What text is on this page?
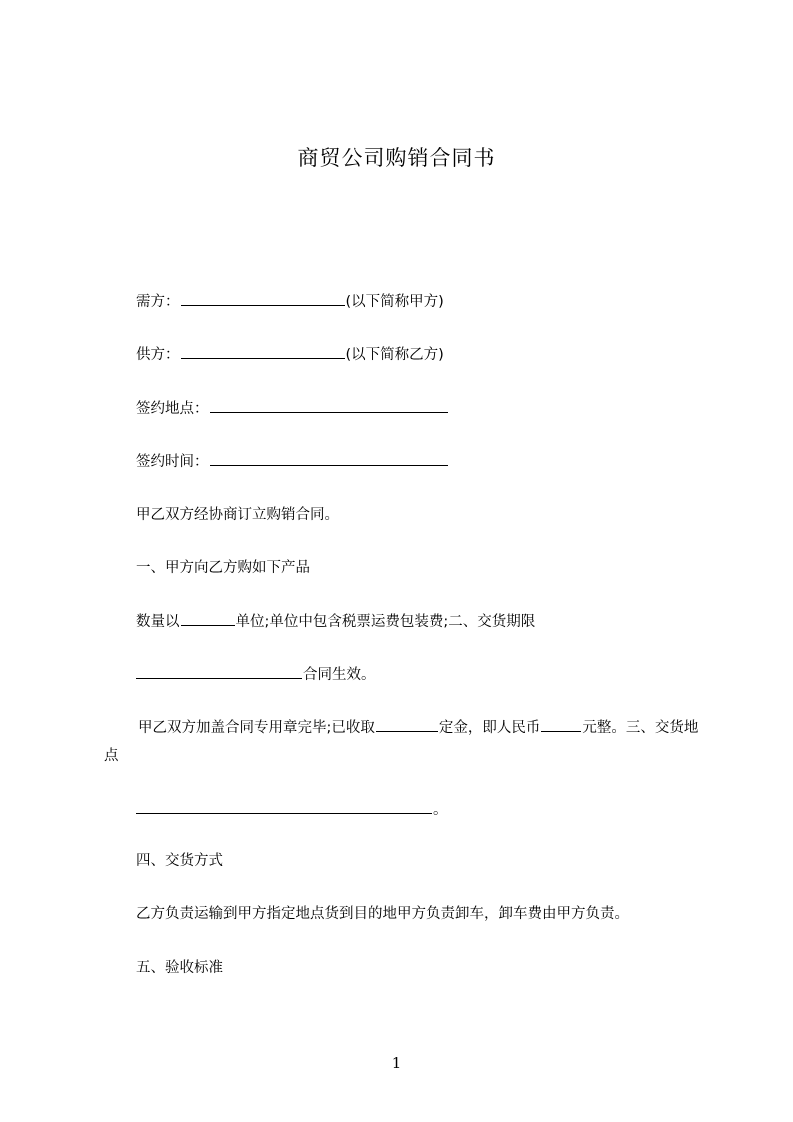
商贸公司购销合同书
需方：	(以下简称甲方)
供方：	(以下简称乙方)
签约地点：
签约时间：
甲乙双方经协商订立购销合同。
一、甲方向乙方购如下产品
数量以	单位;单位中包含税票运费包装费;二、交货期限
合同生效。
甲乙双方加盖合同专用章完毕;已收取	定金，即人民币	元整。三、交货地点
。
四、交货方式
乙方负责运输到甲方指定地点货到目的地甲方负责卸车，卸车费由甲方负责。
五、验收标准
1
